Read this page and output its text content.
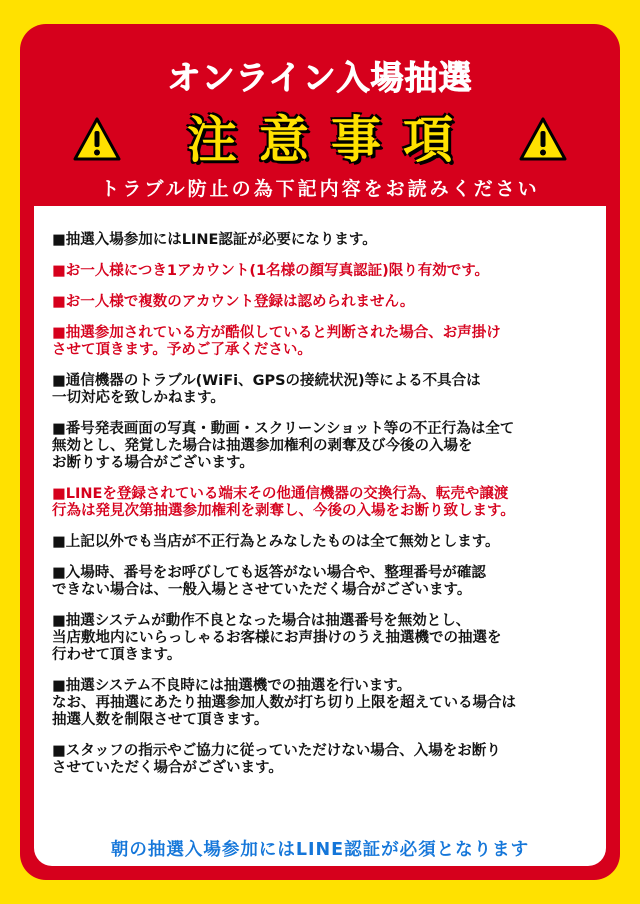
オンライン入場抽選
注意事項
トラブル防止の為下記内容をお読みください
■抽選入場参加にはLINE認証が必要になります。
■お一人様につき1アカウント(1名様の顔写真認証)限り有効です。
■お一人様で複数のアカウント登録は認められません。
■抽選参加されている方が酷似していると判断された場合、お声掛け
させて頂きます。予めご了承ください。
■通信機器のトラブル(WiFi、GPSの接続状況)等による不具合は
一切対応を致しかねます。
■番号発表画面の写真・動画・スクリーンショット等の不正行為は全て
無効とし、発覚した場合は抽選参加権利の剥奪及び今後の入場を
お断りする場合がございます。
■LINEを登録されている端末その他通信機器の交換行為、転売や譲渡
行為は発見次第抽選参加権利を剥奪し、今後の入場をお断り致します。
■上記以外でも当店が不正行為とみなしたものは全て無効とします。
■入場時、番号をお呼びしても返答がない場合や、整理番号が確認
できない場合は、一般入場とさせていただく場合がございます。
■抽選システムが動作不良となった場合は抽選番号を無効とし、
当店敷地内にいらっしゃるお客様にお声掛けのうえ抽選機での抽選を
行わせて頂きます。
■抽選システム不良時には抽選機での抽選を行います。
なお、再抽選にあたり抽選参加人数が打ち切り上限を超えている場合は
抽選人数を制限させて頂きます。
■スタッフの指示やご協力に従っていただけない場合、入場をお断り
させていただく場合がございます。
朝の抽選入場参加にはLINE認証が必須となります
